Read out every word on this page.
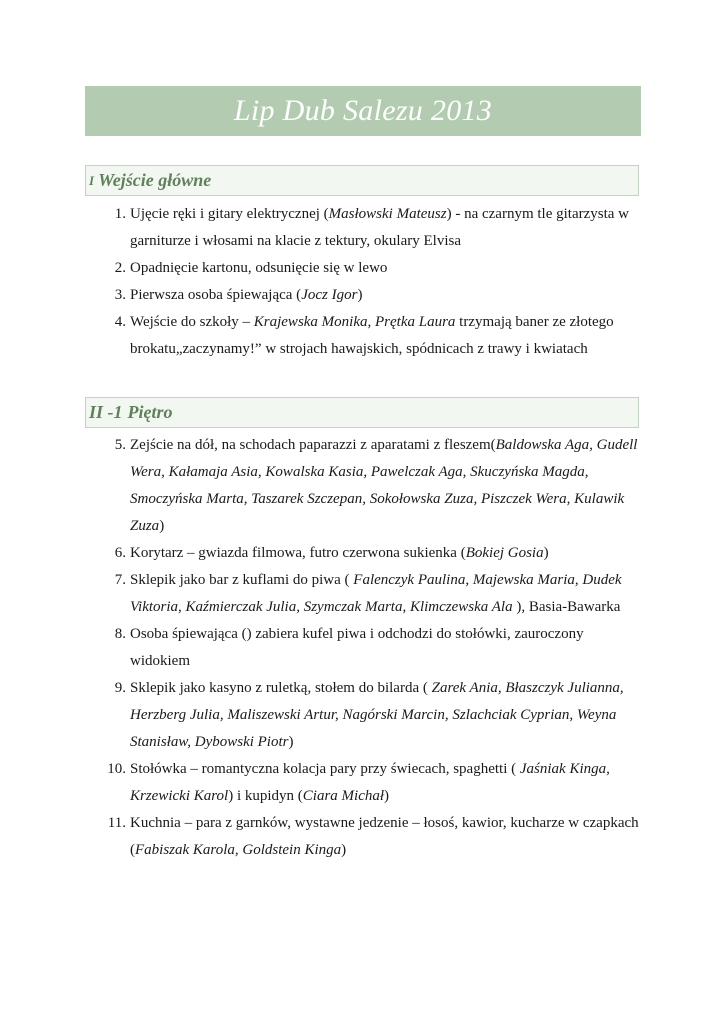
Lip Dub Salezu 2013
I Wejście główne
1. Ujęcie ręki i gitary elektrycznej (Masłowski Mateusz) - na czarnym tle gitarzysta w garniturze i włosami na klacie z tektury, okulary Elvisa
2. Opadnięcie kartonu, odsunięcie się w lewo
3. Pierwsza osoba śpiewająca (Jocz Igor)
4. Wejście do szkoły – Krajewska Monika, Prętka Laura trzymają baner ze złotego brokatu„zaczynamy!” w strojach hawajskich, spódnicach z trawy i kwiatach
II -1 Piętro
5. Zejście na dół, na schodach paparazzi z aparatami z fleszem(Baldowska Aga, Gudell Wera, Kałamaja Asia, Kowalska Kasia, Pawelczak Aga, Skuczyńska Magda, Smoczyńska Marta, Taszarek Szczepan, Sokołowska Zuza, Piszczek Wera, Kulawik Zuza)
6. Korytarz – gwiazda filmowa, futro czerwona sukienka (Bokiej Gosia)
7. Sklepik jako bar z kuflami do piwa ( Falenczyk Paulina, Majewska Maria, Dudek Viktoria, Kaźmierczak Julia, Szymczak Marta, Klimczewska Ala ), Basia-Bawarka
8. Osoba śpiewająca () zabiera kufel piwa i odchodzi do stołówki, zauroczony widokiem
9. Sklepik jako kasyno z ruletką, stołem do bilarda ( Zarek Ania, Błaszczyk Julianna, Herzberg Julia, Maliszewski Artur, Nagórski Marcin, Szlachciak Cyprian, Weyna Stanisław, Dybowski Piotr)
10. Stołówka – romantyczna kolacja pary przy świecach, spaghetti ( Jaśniak Kinga, Krzewicki Karol) i kupidyn (Ciara Michał)
11. Kuchnia – para z garnków, wystawne jedzenie – łosoś, kawior, kucharze w czapkach (Fabiszak Karola, Goldstein Kinga)
